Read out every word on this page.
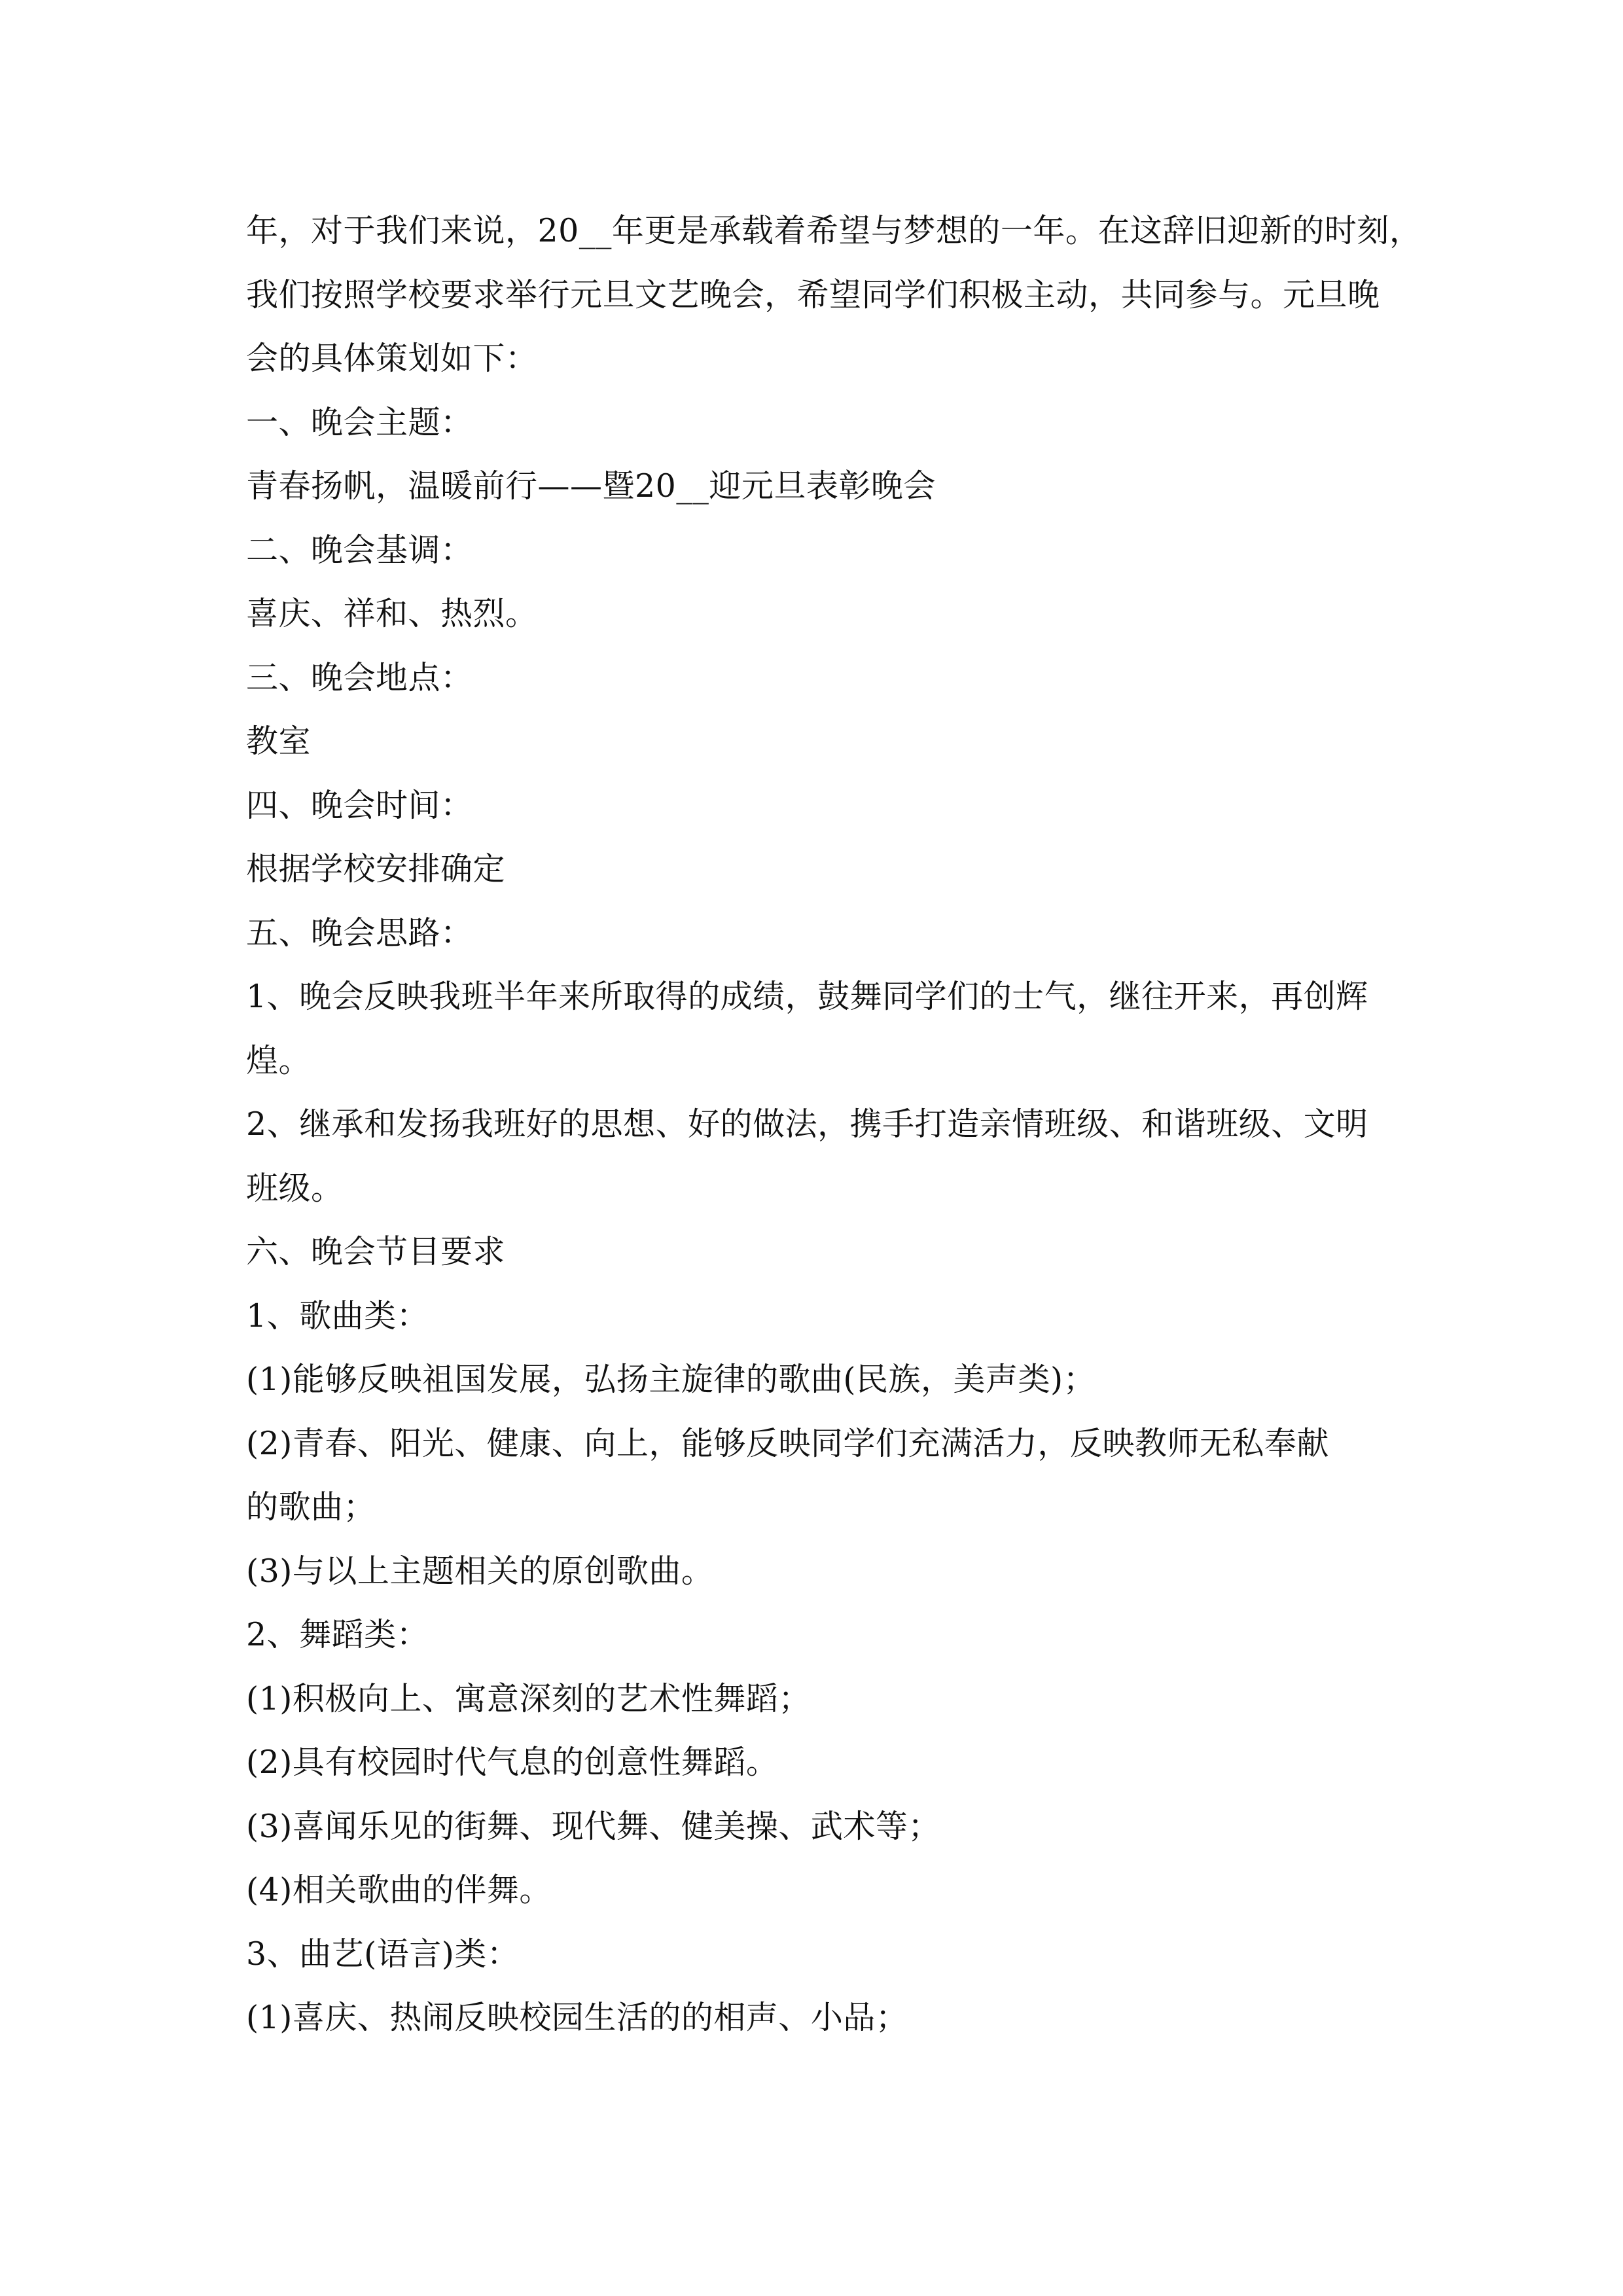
年，对于我们来说，20__年更是承载着希望与梦想的一年。在这辞旧迎新的时刻，
我们按照学校要求举行元旦文艺晚会，希望同学们积极主动，共同参与。元旦晚
会的具体策划如下：
一、晚会主题：
青春扬帆，温暖前行——暨20__迎元旦表彰晚会
二、晚会基调：
喜庆、祥和、热烈。
三、晚会地点：
教室
四、晚会时间：
根据学校安排确定
五、晚会思路：
1、晚会反映我班半年来所取得的成绩，鼓舞同学们的士气，继往开来，再创辉
煌。
2、继承和发扬我班好的思想、好的做法，携手打造亲情班级、和谐班级、文明
班级。
六、晚会节目要求
1、歌曲类：
(1)能够反映祖国发展，弘扬主旋律的歌曲(民族，美声类)；
(2)青春、阳光、健康、向上，能够反映同学们充满活力，反映教师无私奉献
的歌曲；
(3)与以上主题相关的原创歌曲。
2、舞蹈类：
(1)积极向上、寓意深刻的艺术性舞蹈；
(2)具有校园时代气息的创意性舞蹈。
(3)喜闻乐见的街舞、现代舞、健美操、武术等；
(4)相关歌曲的伴舞。
3、曲艺(语言)类：
(1)喜庆、热闹反映校园生活的的相声、小品；
